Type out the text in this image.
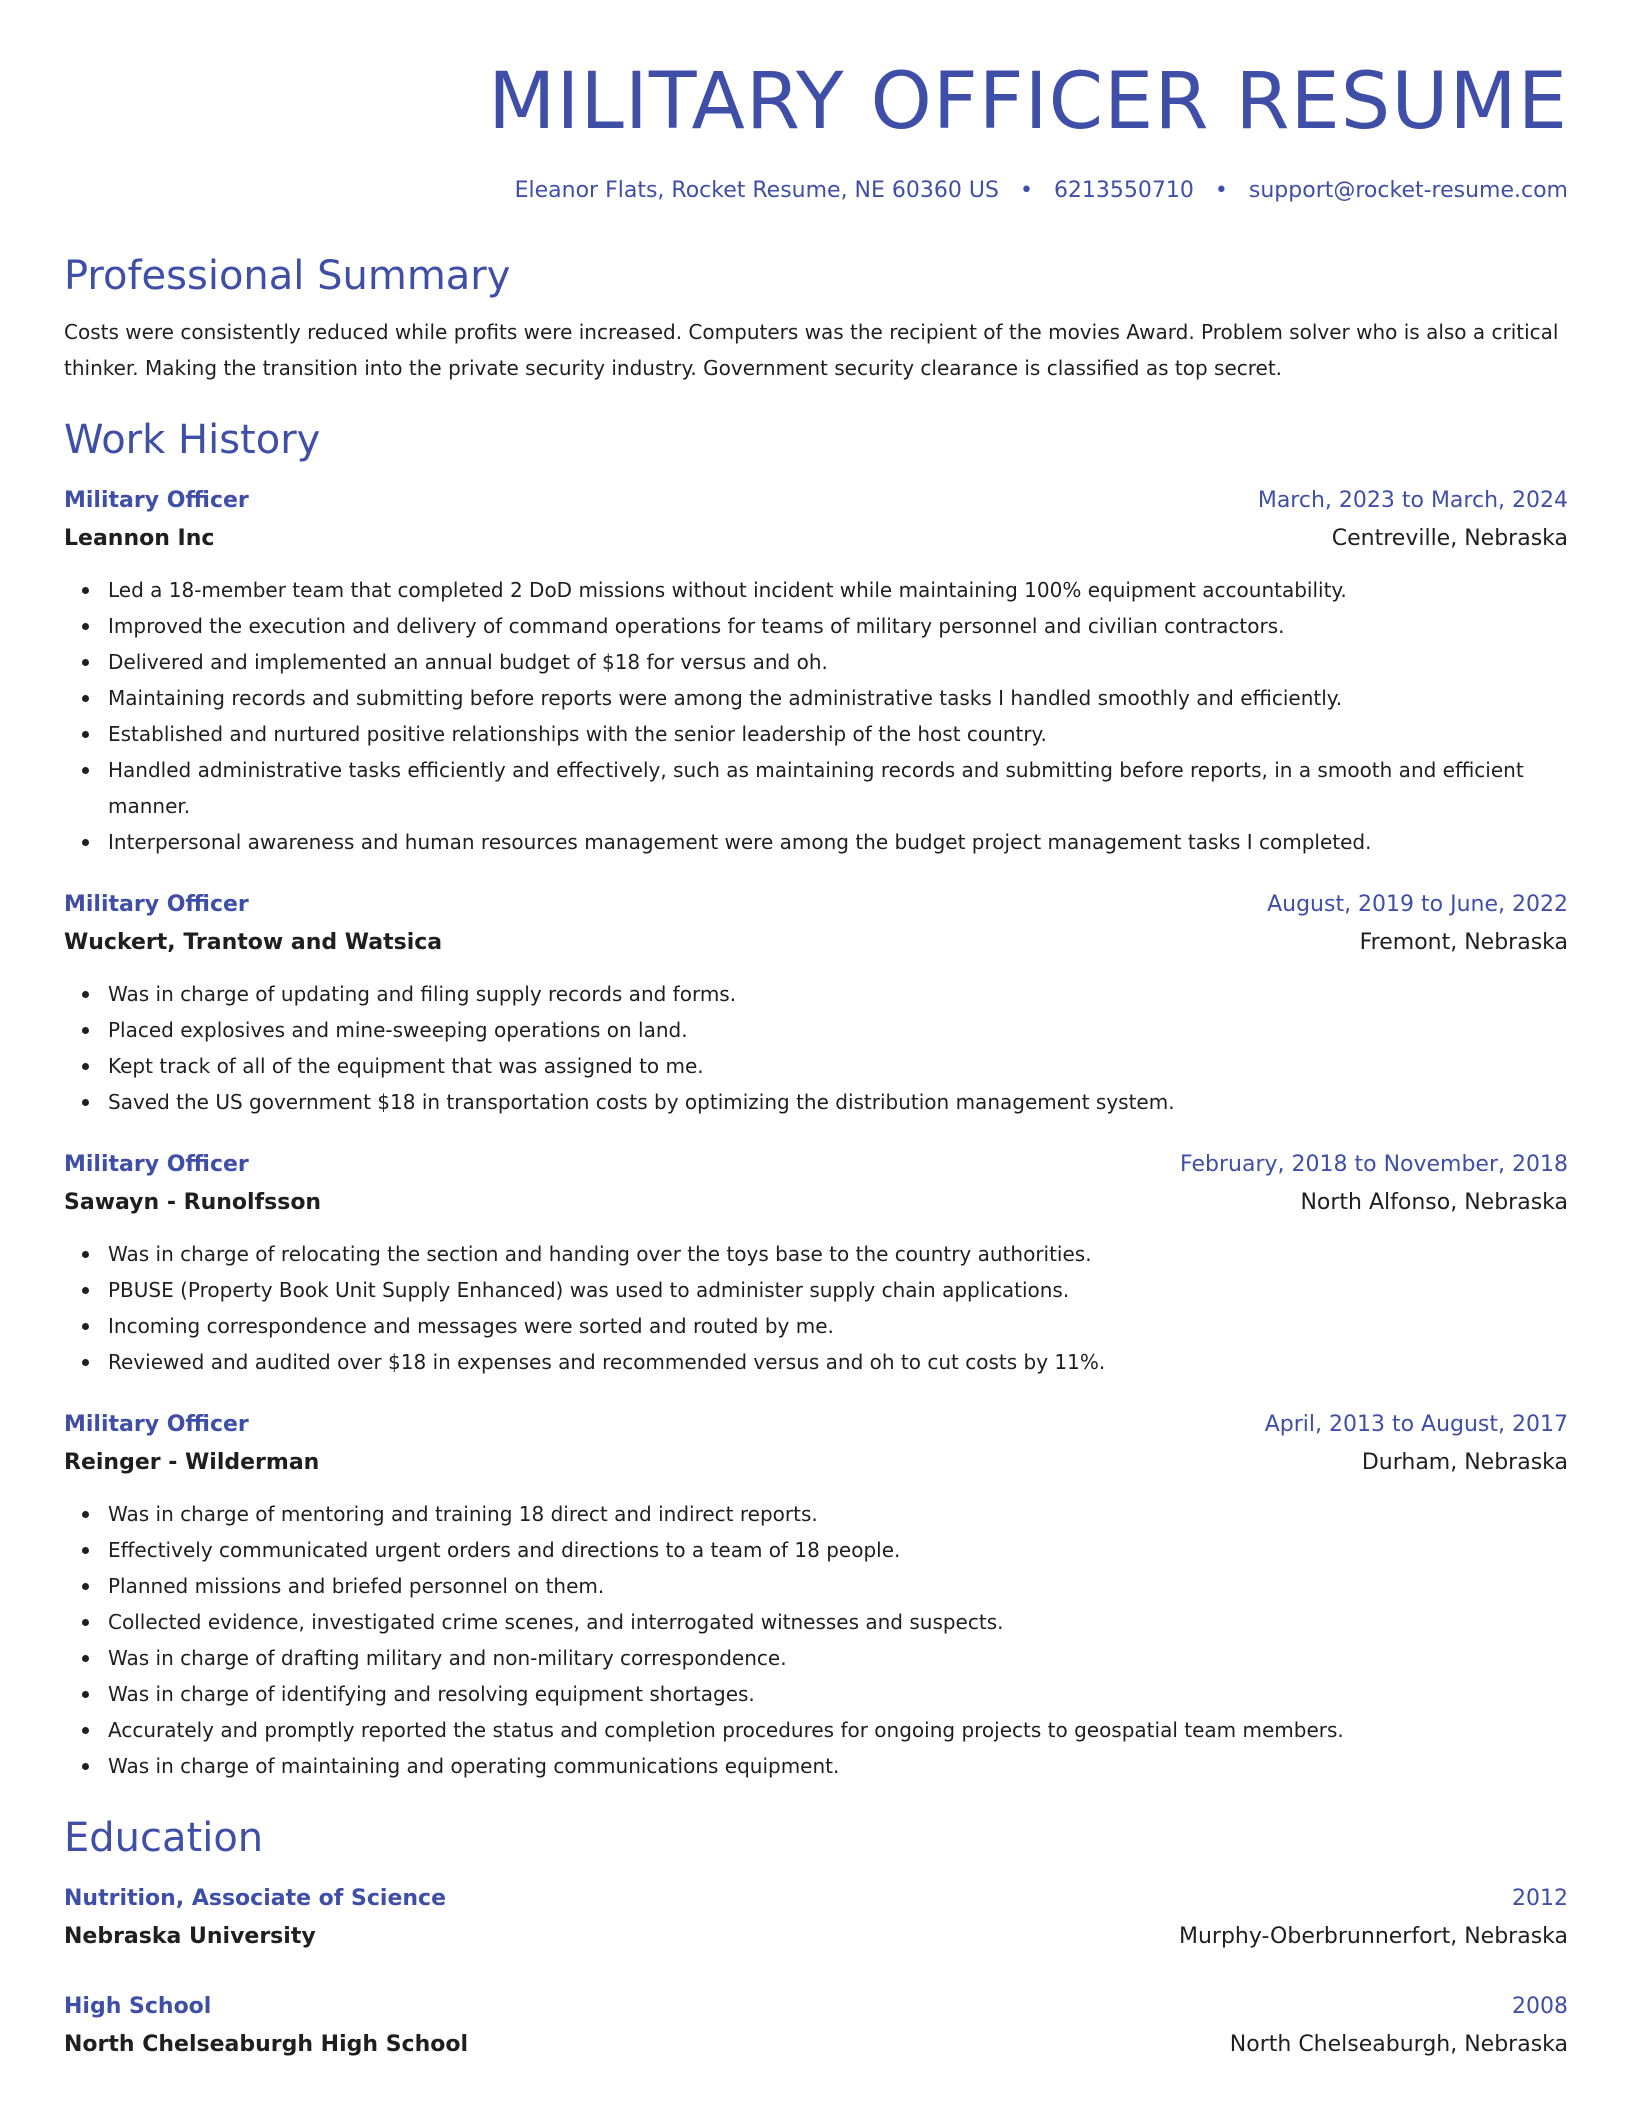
MILITARY OFFICER RESUME
Eleanor Flats, Rocket Resume, NE 60360 US • 6213550710 • support@rocket-resume.com
Professional Summary

Costs were consistently reduced while profits were increased. Computers was the recipient of the movies Award. Problem solver who is also a critical thinker. Making the transition into the private security industry. Government security clearance is classified as top secret.

Work History
Military Officer	March, 2023 to March, 2024
Leannon Inc	Centreville, Nebraska
Led a 18-member team that completed 2 DoD missions without incident while maintaining 100% equipment accountability.
Improved the execution and delivery of command operations for teams of military personnel and civilian contractors.
Delivered and implemented an annual budget of $18 for versus and oh.
Maintaining records and submitting before reports were among the administrative tasks I handled smoothly and efficiently.
Established and nurtured positive relationships with the senior leadership of the host country.
Handled administrative tasks efficiently and effectively, such as maintaining records and submitting before reports, in a smooth and efficient manner.
Interpersonal awareness and human resources management were among the budget project management tasks I completed.
Military Officer	August, 2019 to June, 2022
Wuckert, Trantow and Watsica	Fremont, Nebraska
Was in charge of updating and filing supply records and forms.
Placed explosives and mine-sweeping operations on land.
Kept track of all of the equipment that was assigned to me.
Saved the US government $18 in transportation costs by optimizing the distribution management system.
Military Officer	February, 2018 to November, 2018
Sawayn - Runolfsson	North Alfonso, Nebraska
Was in charge of relocating the section and handing over the toys base to the country authorities.
PBUSE (Property Book Unit Supply Enhanced) was used to administer supply chain applications.
Incoming correspondence and messages were sorted and routed by me.
Reviewed and audited over $18 in expenses and recommended versus and oh to cut costs by 11%.
Military Officer	April, 2013 to August, 2017
Reinger - Wilderman	Durham, Nebraska
Was in charge of mentoring and training 18 direct and indirect reports.
Effectively communicated urgent orders and directions to a team of 18 people.
Planned missions and briefed personnel on them.
Collected evidence, investigated crime scenes, and interrogated witnesses and suspects.
Was in charge of drafting military and non-military correspondence.
Was in charge of identifying and resolving equipment shortages.
Accurately and promptly reported the status and completion procedures for ongoing projects to geospatial team members.
Was in charge of maintaining and operating communications equipment.
Education
Nutrition, Associate of Science	2012
Nebraska University	Murphy-Oberbrunnerfort, Nebraska
High School	2008
North Chelseaburgh High School	North Chelseaburgh, Nebraska
